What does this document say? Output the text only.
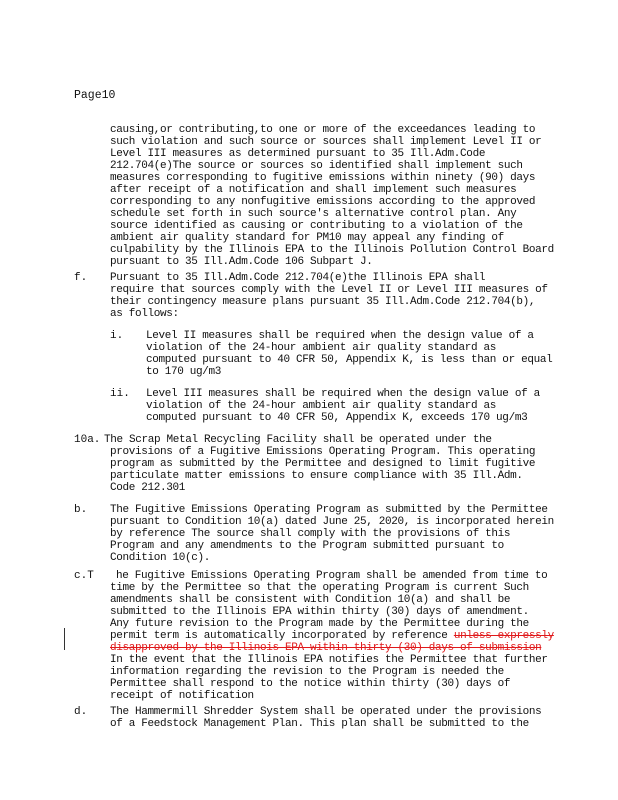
Page10
causing,or contributing,to one or more of the exceedances leading to
such violation and such source or sources shall implement Level II or
Level III measures as determined pursuant to 35 Ill.Adm.Code
212.704(e)The source or sources so identified shall implement such
measures corresponding to fugitive emissions within ninety (90) days
after receipt of a notification and shall implement such measures
corresponding to any nonfugitive emissions according to the approved
schedule set forth in such source's alternative control plan. Any
source identified as causing or contributing to a violation of the
ambient air quality standard for PM10 may appeal any finding of
culpability by the Illinois EPA to the Illinois Pollution Control Board
pursuant to 35 Ill.Adm.Code 106 Subpart J.
f. Pursuant to 35 Ill.Adm.Code 212.704(e)the Illinois EPA shall
require that sources comply with the Level II or Level III measures of
their contingency measure plans pursuant 35 Ill.Adm.Code 212.704(b),
as follows:
i. Level II measures shall be required when the design value of a
violation of the 24-hour ambient air quality standard as
computed pursuant to 40 CFR 50, Appendix K, is less than or equal
to 170 ug/m3
ii. Level III measures shall be required when the design value of a
violation of the 24-hour ambient air quality standard as
computed pursuant to 40 CFR 50, Appendix K, exceeds 170 ug/m3
10a. The Scrap Metal Recycling Facility shall be operated under the
provisions of a Fugitive Emissions Operating Program. This operating
program as submitted by the Permittee and designed to limit fugitive
particulate matter emissions to ensure compliance with 35 Ill.Adm.
Code 212.301
b. The Fugitive Emissions Operating Program as submitted by the Permittee
pursuant to Condition 10(a) dated June 25, 2020, is incorporated herein
by reference The source shall comply with the provisions of this
Program and any amendments to the Program submitted pursuant to
Condition 10(c).
c.T he Fugitive Emissions Operating Program shall be amended from time to
time by the Permittee so that the operating Program is current Such
amendments shall be consistent with Condition 10(a) and shall be
submitted to the Illinois EPA within thirty (30) days of amendment.
Any future revision to the Program made by the Permittee during the
permit term is automatically incorporated by reference unless expressly
disapproved by the Illinois EPA within thirty (30) days of submission
In the event that the Illinois EPA notifies the Permittee that further
information regarding the revision to the Program is needed the
Permittee shall respond to the notice within thirty (30) days of
receipt of notification
d. The Hammermill Shredder System shall be operated under the provisions
of a Feedstock Management Plan. This plan shall be submitted to the
